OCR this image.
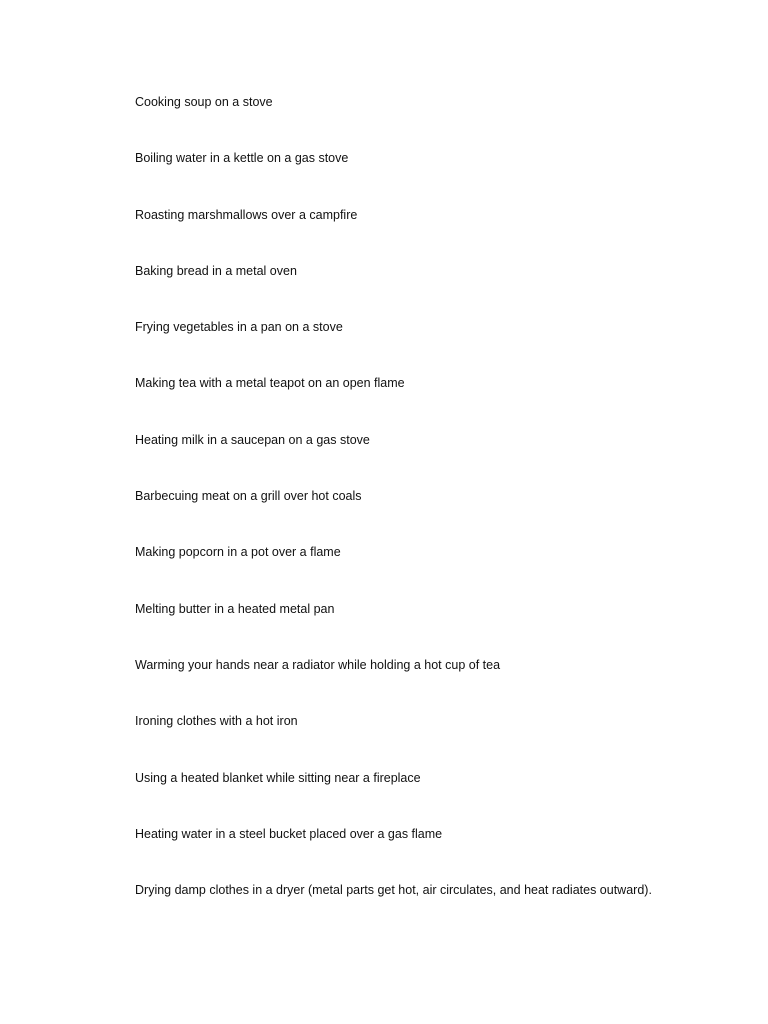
Cooking soup on a stove
Boiling water in a kettle on a gas stove
Roasting marshmallows over a campfire
Baking bread in a metal oven
Frying vegetables in a pan on a stove
Making tea with a metal teapot on an open flame
Heating milk in a saucepan on a gas stove
Barbecuing meat on a grill over hot coals
Making popcorn in a pot over a flame
Melting butter in a heated metal pan
Warming your hands near a radiator while holding a hot cup of tea
Ironing clothes with a hot iron
Using a heated blanket while sitting near a fireplace
Heating water in a steel bucket placed over a gas flame
Drying damp clothes in a dryer (metal parts get hot, air circulates, and heat radiates outward).
